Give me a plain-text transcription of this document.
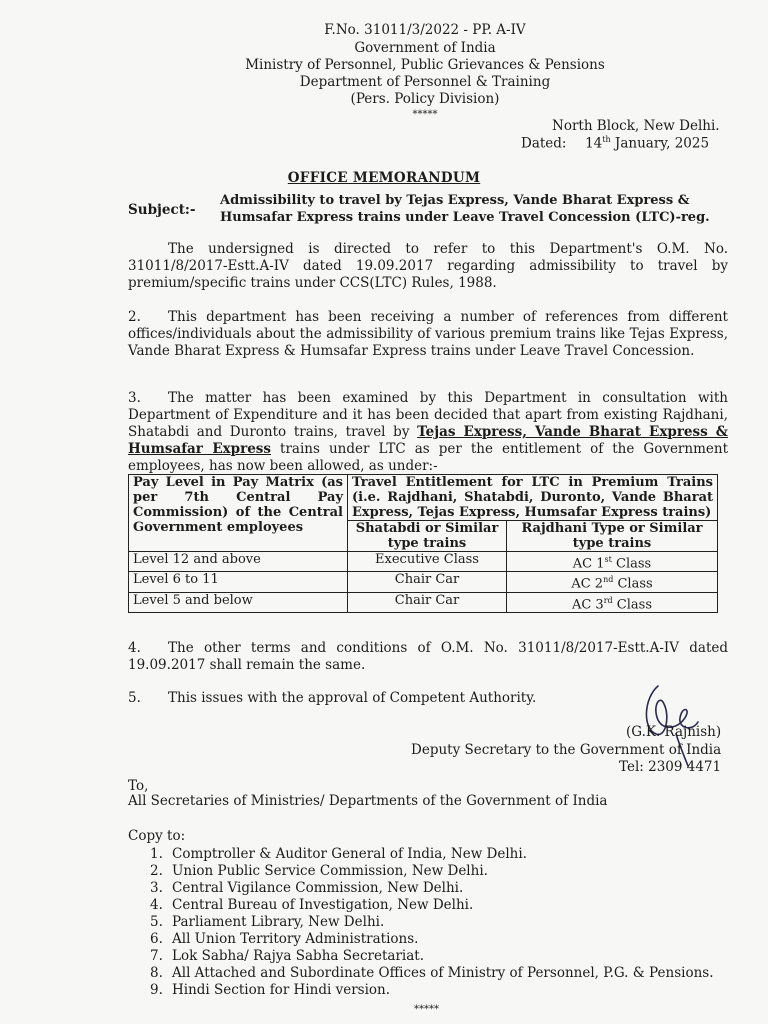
F.No. 31011/3/2022 - PP. A-IV
Government of India
Ministry of Personnel, Public Grievances & Pensions
Department of Personnel & Training
(Pers. Policy Division)
*****
North Block, New Delhi.
Dated: 14th January, 2025
OFFICE MEMORANDUM
Subject:-
Admissibility to travel by Tejas Express, Vande Bharat Express & Humsafar Express trains under Leave Travel Concession (LTC)-reg.
The undersigned is directed to refer to this Department's O.M. No. 31011/8/2017-Estt.A-IV dated 19.09.2017 regarding admissibility to travel by premium/specific trains under CCS(LTC) Rules, 1988.
2. This department has been receiving a number of references from different offices/individuals about the admissibility of various premium trains like Tejas Express, Vande Bharat Express & Humsafar Express trains under Leave Travel Concession.
3. The matter has been examined by this Department in consultation with Department of Expenditure and it has been decided that apart from existing Rajdhani, Shatabdi and Duronto trains, travel by Tejas Express, Vande Bharat Express & Humsafar Express trains under LTC as per the entitlement of the Government employees, has now been allowed, as under:-
Pay Level in Pay Matrix (as per 7th Central Pay Commission) of the Central Government employees	Travel Entitlement for LTC in Premium Trains (i.e. Rajdhani, Shatabdi, Duronto, Vande Bharat Express, Tejas Express, Humsafar Express trains)	
	Shatabdi or Similar type trains	Rajdhani Type or Similar type trains
Level 12 and above	Executive Class	AC 1st Class
Level 6 to 11	Chair Car	AC 2nd Class
Level 5 and below	Chair Car	AC 3rd Class
4. The other terms and conditions of O.M. No. 31011/8/2017-Estt.A-IV dated 19.09.2017 shall remain the same.
5. This issues with the approval of Competent Authority.
(G.K. Rajnish)
Deputy Secretary to the Government of India
Tel: 2309 4471
To,
All Secretaries of Ministries/ Departments of the Government of India
Copy to:
1. Comptroller & Auditor General of India, New Delhi.
2. Union Public Service Commission, New Delhi.
3. Central Vigilance Commission, New Delhi.
4. Central Bureau of Investigation, New Delhi.
5. Parliament Library, New Delhi.
6. All Union Territory Administrations.
7. Lok Sabha/ Rajya Sabha Secretariat.
8. All Attached and Subordinate Offices of Ministry of Personnel, P.G. & Pensions.
9. Hindi Section for Hindi version.
*****
